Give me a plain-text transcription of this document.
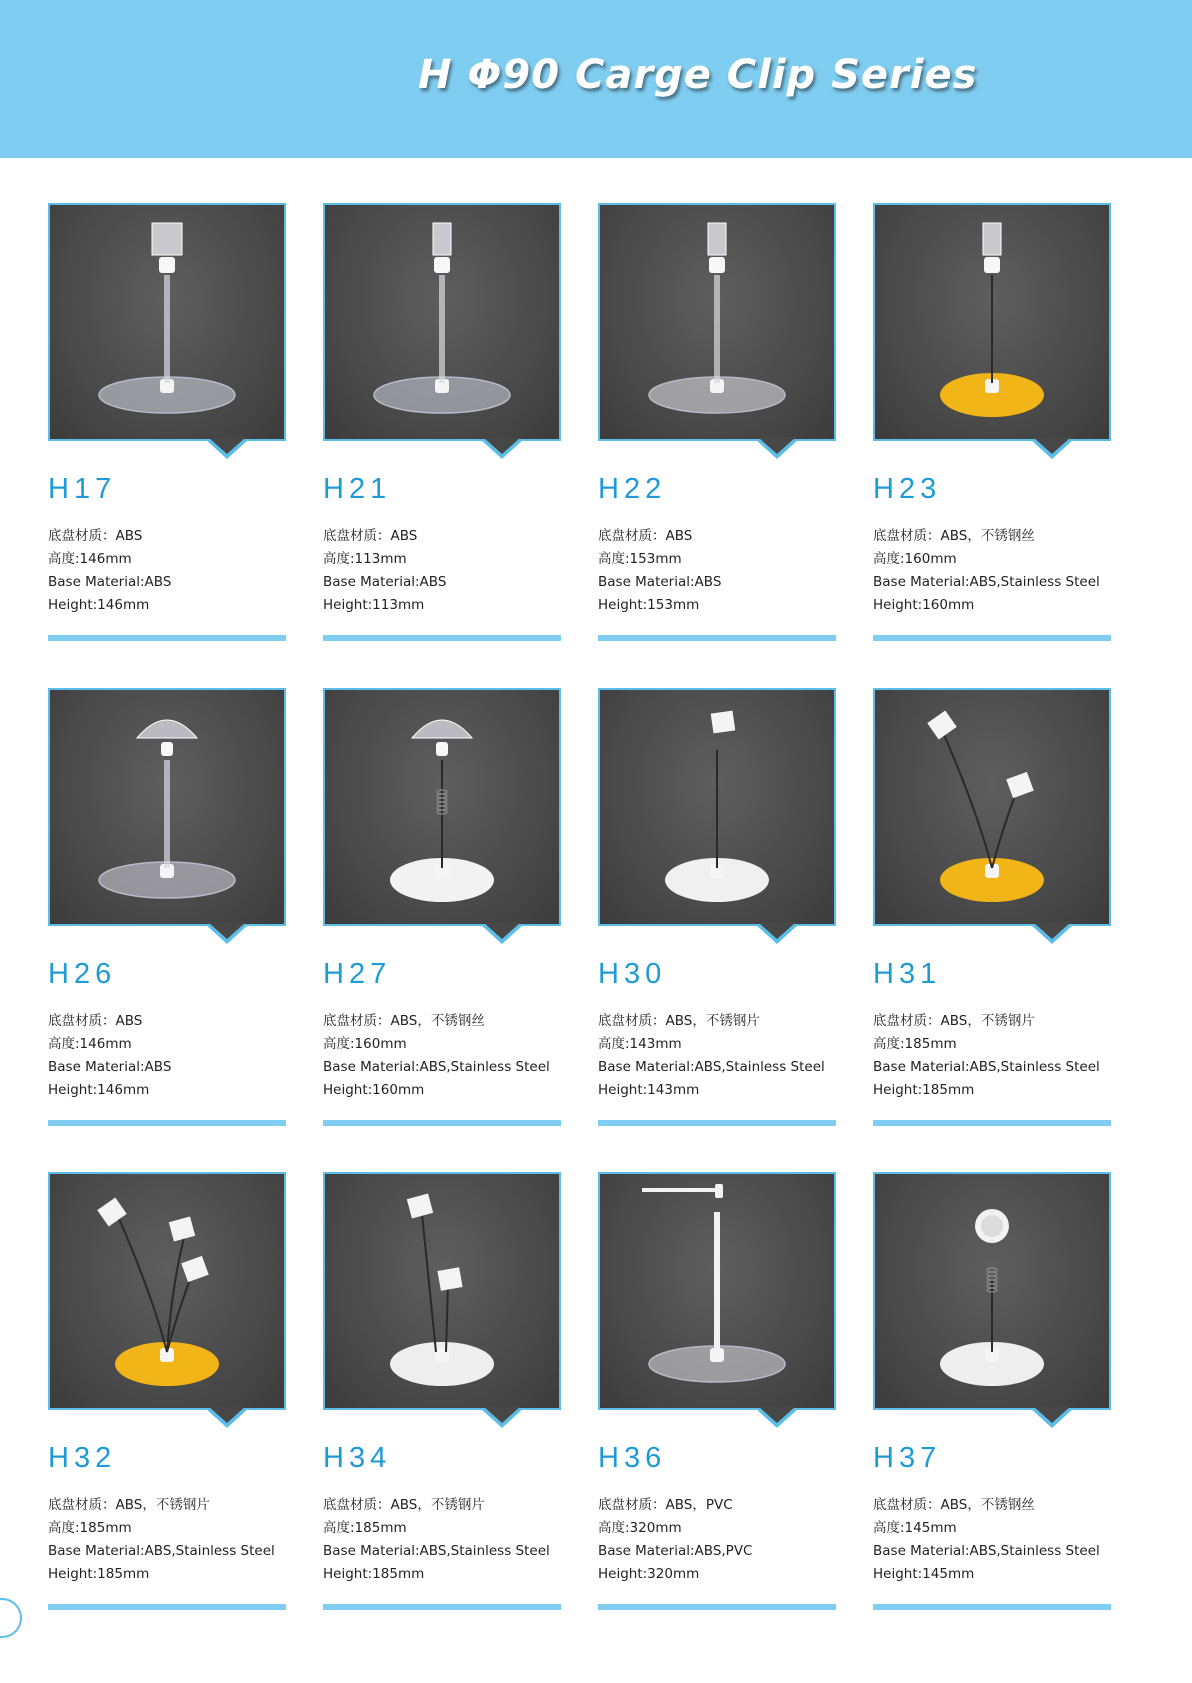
H Φ90 Carge Clip Series
H17
底盘材质：ABS
高度:146mm
Base Material:ABS
Height:146mm
H21
底盘材质：ABS
高度:113mm
Base Material:ABS
Height:113mm
H22
底盘材质：ABS
高度:153mm
Base Material:ABS
Height:153mm
H23
底盘材质：ABS，不锈钢丝
高度:160mm
Base Material:ABS,Stainless Steel
Height:160mm
H26
底盘材质：ABS
高度:146mm
Base Material:ABS
Height:146mm
H27
底盘材质：ABS，不锈钢丝
高度:160mm
Base Material:ABS,Stainless Steel
Height:160mm
H30
底盘材质：ABS，不锈钢片
高度:143mm
Base Material:ABS,Stainless Steel
Height:143mm
H31
底盘材质：ABS，不锈钢片
高度:185mm
Base Material:ABS,Stainless Steel
Height:185mm
H32
底盘材质：ABS，不锈钢片
高度:185mm
Base Material:ABS,Stainless Steel
Height:185mm
H34
底盘材质：ABS，不锈钢片
高度:185mm
Base Material:ABS,Stainless Steel
Height:185mm
H36
底盘材质：ABS，PVC
高度:320mm
Base Material:ABS,PVC
Height:320mm
H37
底盘材质：ABS，不锈钢丝
高度:145mm
Base Material:ABS,Stainless Steel
Height:145mm
